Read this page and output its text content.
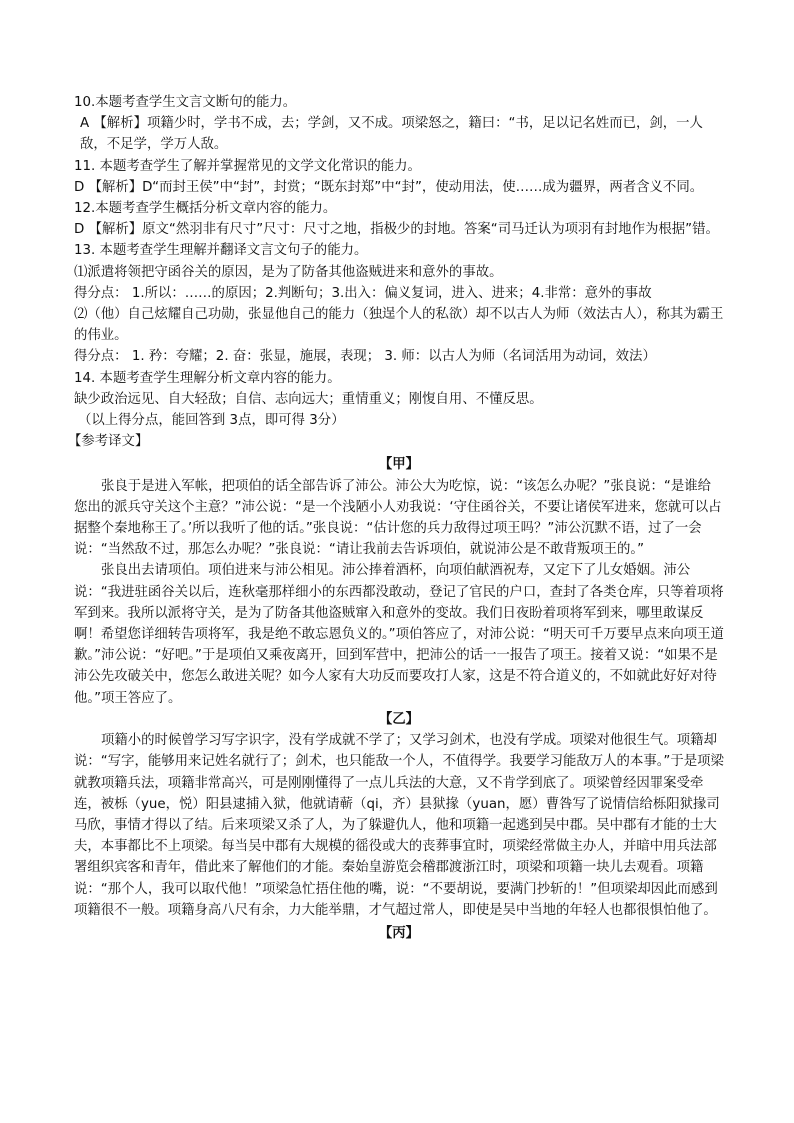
10.本题考查学生文言文断句的能力。

A 【解析】项籍少时，学书不成，去；学剑，又不成。项梁怒之，籍曰：“书，足以记名姓而已，剑，一人敌，不足学，学万人敌。

11. 本题考查学生了解并掌握常见的文学文化常识的能力。

D 【解析】D“而封王侯”中“封”，封赏；“既东封郑”中“封”，使动用法，使……成为疆界，两者含义不同。

12.本题考查学生概括分析文章内容的能力。

D 【解析】原文“然羽非有尺寸”尺寸：尺寸之地，指极少的封地。答案“司马迁认为项羽有封地作为根据”错。

13. 本题考查学生理解并翻译文言文句子的能力。

⑴派遣将领把守函谷关的原因，是为了防备其他盗贼进来和意外的事故。

得分点： 1.所以：……的原因；2.判断句；3.出入：偏义复词，进入、进来；4.非常：意外的事故

⑵（他）自己炫耀自己功勋，张显他自己的能力（独逞个人的私欲）却不以古人为师（效法古人），称其为霸王的伟业。

得分点： 1. 矜：夸耀；2. 奋：张显，施展，表现； 3. 师：以古人为师（名词活用为动词，效法）

14. 本题考查学生理解分析文章内容的能力。

缺少政治远见、自大轻敌；自信、志向远大；重情重义；刚愎自用、不懂反思。

（以上得分点，能回答到 3点，即可得 3分）

【参考译文】

【甲】

张良于是进入军帐，把项伯的话全部告诉了沛公。沛公大为吃惊，说：“该怎么办呢？”张良说：“是谁给您出的派兵守关这个主意？”沛公说：“是一个浅陋小人劝我说：‘守住函谷关，不要让诸侯军进来，您就可以占据整个秦地称王了。’所以我听了他的话。”张良说：“估计您的兵力敌得过项王吗？”沛公沉默不语，过了一会说：“当然敌不过，那怎么办呢？”张良说：“请让我前去告诉项伯，就说沛公是不敢背叛项王的。”

张良出去请项伯。项伯进来与沛公相见。沛公捧着酒杯，向项伯献酒祝寿，又定下了儿女婚姻。沛公说：“我进驻函谷关以后，连秋毫那样细小的东西都没敢动，登记了官民的户口，查封了各类仓库，只等着项将军到来。我所以派将守关，是为了防备其他盗贼窜入和意外的变故。我们日夜盼着项将军到来，哪里敢谋反啊！希望您详细转告项将军，我是绝不敢忘恩负义的。”项伯答应了，对沛公说：“明天可千万要早点来向项王道歉。”沛公说：“好吧。”于是项伯又乘夜离开，回到军营中，把沛公的话一一报告了项王。接着又说：“如果不是沛公先攻破关中，您怎么敢进关呢？如今人家有大功反而要攻打人家，这是不符合道义的，不如就此好好对待他。”项王答应了。

【乙】

项籍小的时候曾学习写字识字，没有学成就不学了；又学习剑术，也没有学成。项梁对他很生气。项籍却说：“写字，能够用来记姓名就行了；剑术，也只能敌一个人，不值得学。我要学习能敌万人的本事。”于是项梁就教项籍兵法，项籍非常高兴，可是刚刚懂得了一点儿兵法的大意，又不肯学到底了。项梁曾经因罪案受牵连，被栎（yue，悦）阳县逮捕入狱，他就请蕲（qi，齐）县狱掾（yuan，愿）曹咎写了说情信给栎阳狱掾司马欣，事情才得以了结。后来项梁又杀了人，为了躲避仇人，他和项籍一起逃到吴中郡。吴中郡有才能的士大夫，本事都比不上项梁。每当吴中郡有大规模的徭役或大的丧葬事宜时，项梁经常做主办人，并暗中用兵法部署组织宾客和青年，借此来了解他们的才能。秦始皇游览会稽郡渡浙江时，项梁和项籍一块儿去观看。项籍说：“那个人，我可以取代他！”项梁急忙捂住他的嘴，说：“不要胡说，要满门抄斩的！”但项梁却因此而感到项籍很不一般。项籍身高八尺有余，力大能举鼎，才气超过常人，即使是吴中当地的年轻人也都很惧怕他了。

【丙】
